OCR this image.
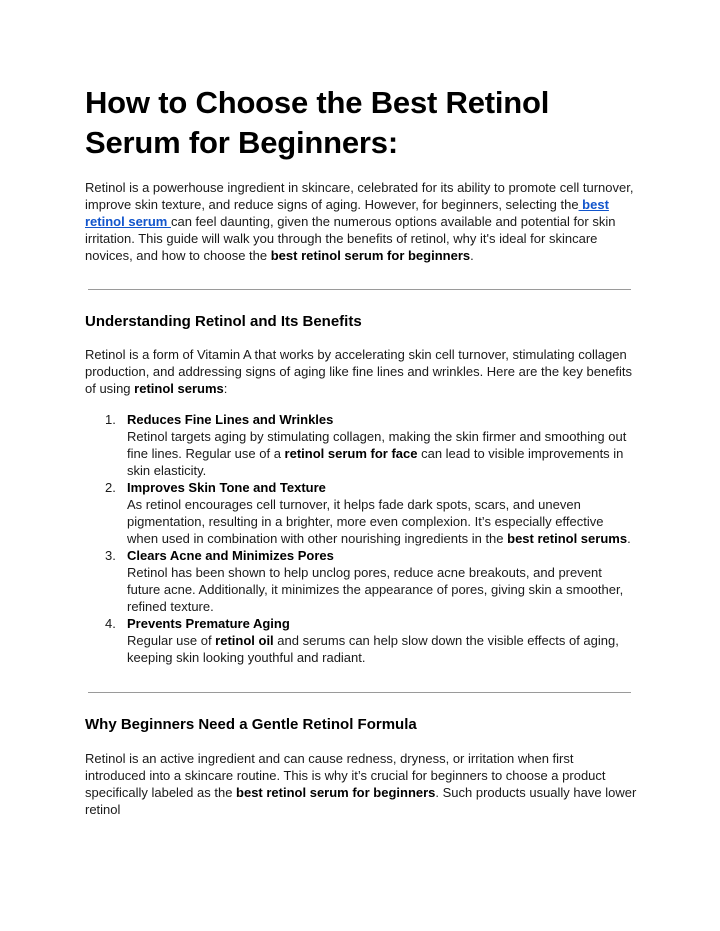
How to Choose the Best Retinol Serum for Beginners:

Retinol is a powerhouse ingredient in skincare, celebrated for its ability to promote cell turnover, improve skin texture, and reduce signs of aging. However, for beginners, selecting the best retinol serum can feel daunting, given the numerous options available and potential for skin irritation. This guide will walk you through the benefits of retinol, why it's ideal for skincare novices, and how to choose the best retinol serum for beginners.

Understanding Retinol and Its Benefits

Retinol is a form of Vitamin A that works by accelerating skin cell turnover, stimulating collagen production, and addressing signs of aging like fine lines and wrinkles. Here are the key benefits of using retinol serums:

1. Reduces Fine Lines and Wrinkles
Retinol targets aging by stimulating collagen, making the skin firmer and smoothing out fine lines. Regular use of a retinol serum for face can lead to visible improvements in skin elasticity.
2. Improves Skin Tone and Texture
As retinol encourages cell turnover, it helps fade dark spots, scars, and uneven pigmentation, resulting in a brighter, more even complexion. It’s especially effective when used in combination with other nourishing ingredients in the best retinol serums.
3. Clears Acne and Minimizes Pores
Retinol has been shown to help unclog pores, reduce acne breakouts, and prevent future acne. Additionally, it minimizes the appearance of pores, giving skin a smoother, refined texture.
4. Prevents Premature Aging
Regular use of retinol oil and serums can help slow down the visible effects of aging, keeping skin looking youthful and radiant.
Why Beginners Need a Gentle Retinol Formula

Retinol is an active ingredient and can cause redness, dryness, or irritation when first introduced into a skincare routine. This is why it’s crucial for beginners to choose a product specifically labeled as the best retinol serum for beginners. Such products usually have lower retinol
